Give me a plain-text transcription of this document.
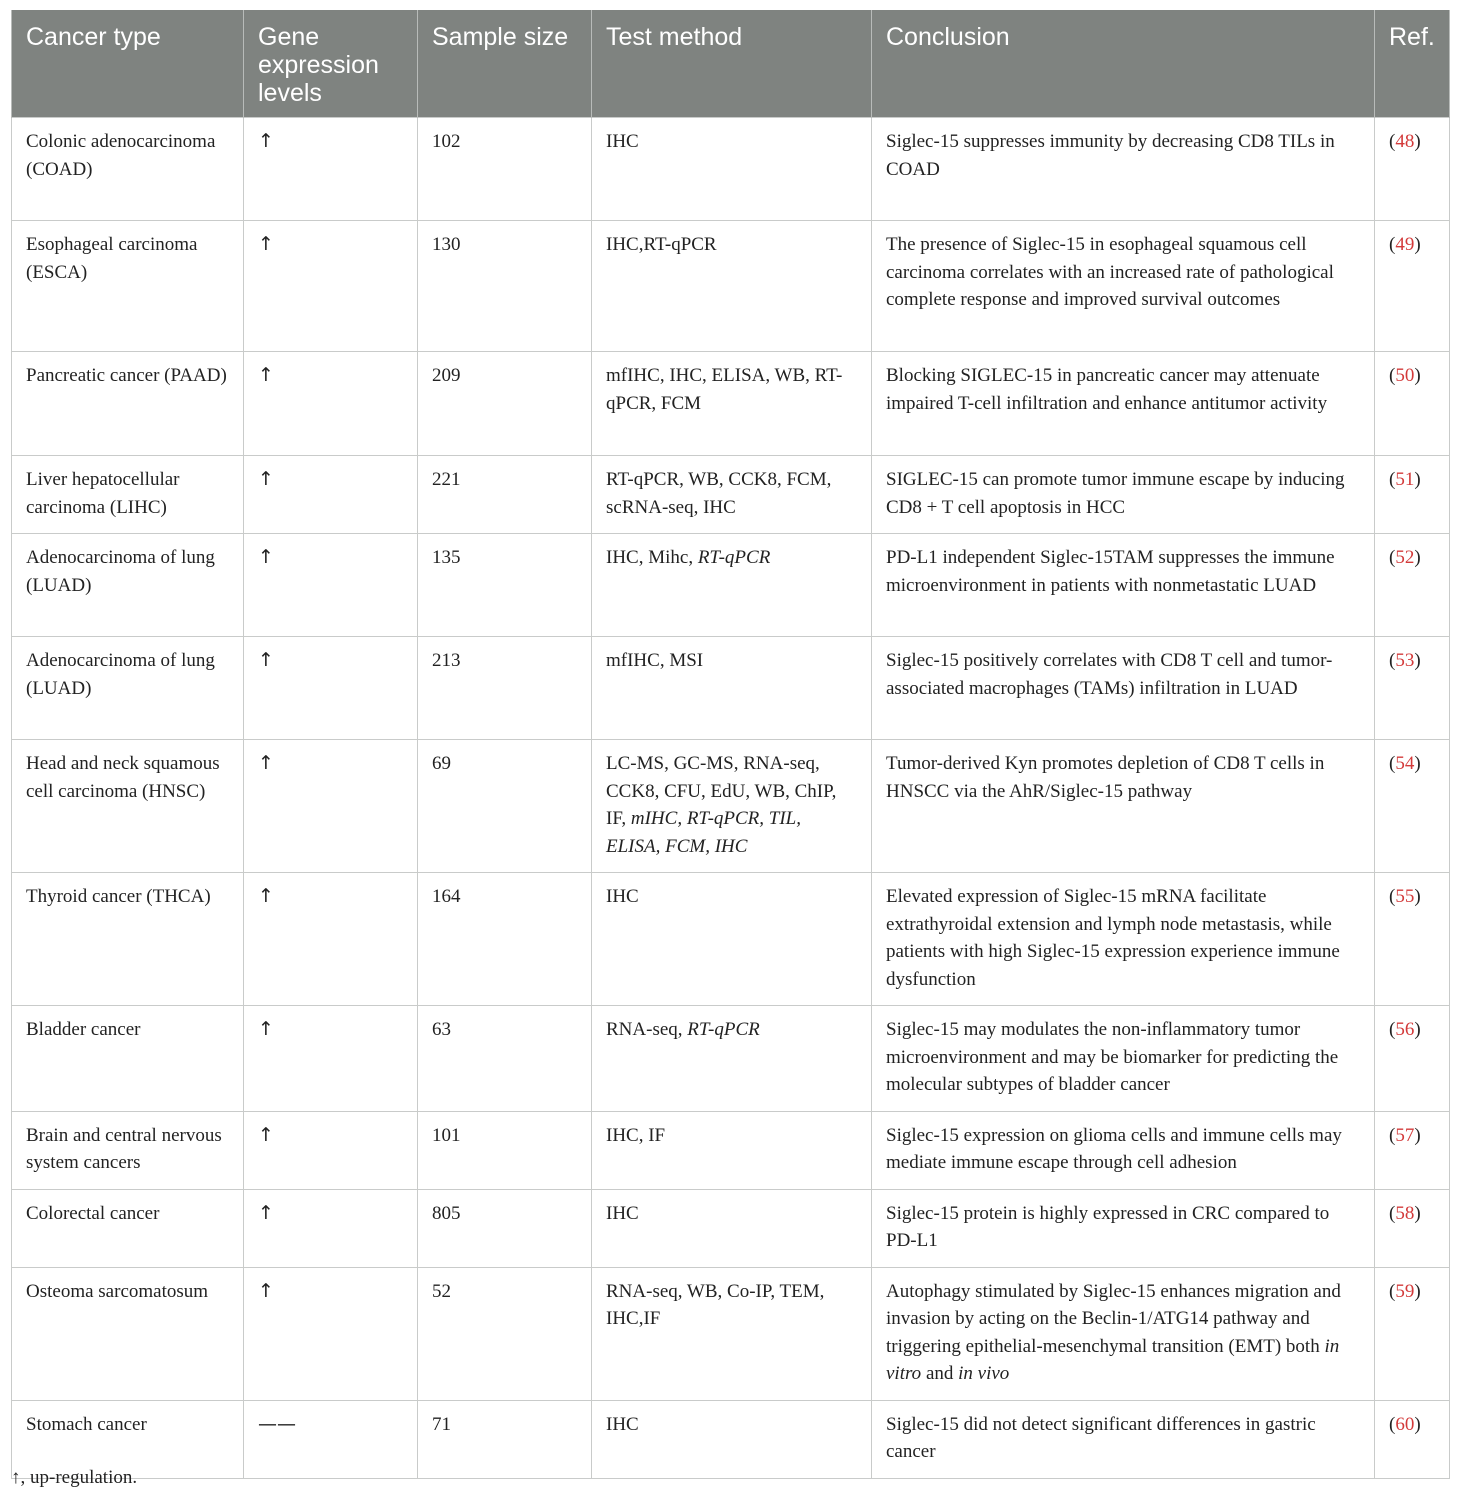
Cancer type	Gene expression levels	Sample size	Test method	Conclusion	Ref.
Colonic adenocarcinoma (COAD)	↑	102	IHC	Siglec-15 suppresses immunity by decreasing CD8 TILs in COAD	(48)
Esophageal carcinoma (ESCA)	↑	130	IHC,RT-qPCR	The presence of Siglec-15 in esophageal squamous cell carcinoma correlates with an increased rate of pathological complete response and improved survival outcomes	(49)
Pancreatic cancer (PAAD)	↑	209	mfIHC, IHC, ELISA, WB, RT-qPCR, FCM	Blocking SIGLEC-15 in pancreatic cancer may attenuate impaired T-cell infiltration and enhance antitumor activity	(50)
Liver hepatocellular carcinoma (LIHC)	↑	221	RT-qPCR, WB, CCK8, FCM, scRNA-seq, IHC	SIGLEC-15 can promote tumor immune escape by inducing CD8 + T cell apoptosis in HCC	(51)
Adenocarcinoma of lung (LUAD)	↑	135	IHC, Mihc, RT-qPCR	PD-L1 independent Siglec-15TAM suppresses the immune microenvironment in patients with nonmetastatic LUAD	(52)
Adenocarcinoma of lung (LUAD)	↑	213	mfIHC, MSI	Siglec-15 positively correlates with CD8 T cell and tumor-associated macrophages (TAMs) infiltration in LUAD	(53)
Head and neck squamous cell carcinoma (HNSC)	↑	69	LC-MS, GC-MS, RNA-seq, CCK8, CFU, EdU, WB, ChIP, IF, mIHC, RT-qPCR, TIL, ELISA, FCM, IHC	Tumor-derived Kyn promotes depletion of CD8 T cells in HNSCC via the AhR/Siglec-15 pathway	(54)
Thyroid cancer (THCA)	↑	164	IHC	Elevated expression of Siglec-15 mRNA facilitate extrathyroidal extension and lymph node metastasis, while patients with high Siglec-15 expression experience immune dysfunction	(55)
Bladder cancer	↑	63	RNA-seq, RT-qPCR	Siglec-15 may modulates the non-inflammatory tumor microenvironment and may be biomarker for predicting the molecular subtypes of bladder cancer	(56)
Brain and central nervous system cancers	↑	101	IHC, IF	Siglec-15 expression on glioma cells and immune cells may mediate immune escape through cell adhesion	(57)
Colorectal cancer	↑	805	IHC	Siglec-15 protein is highly expressed in CRC compared to PD-L1	(58)
Osteoma sarcomatosum	↑	52	RNA-seq, WB, Co-IP, TEM, IHC,IF	Autophagy stimulated by Siglec-15 enhances migration and invasion by acting on the Beclin-1/ATG14 pathway and triggering epithelial-mesenchymal transition (EMT) both in vitro and in vivo	(59)
Stomach cancer	——	71	IHC	Siglec-15 did not detect significant differences in gastric cancer	(60)
↑, up-regulation.
